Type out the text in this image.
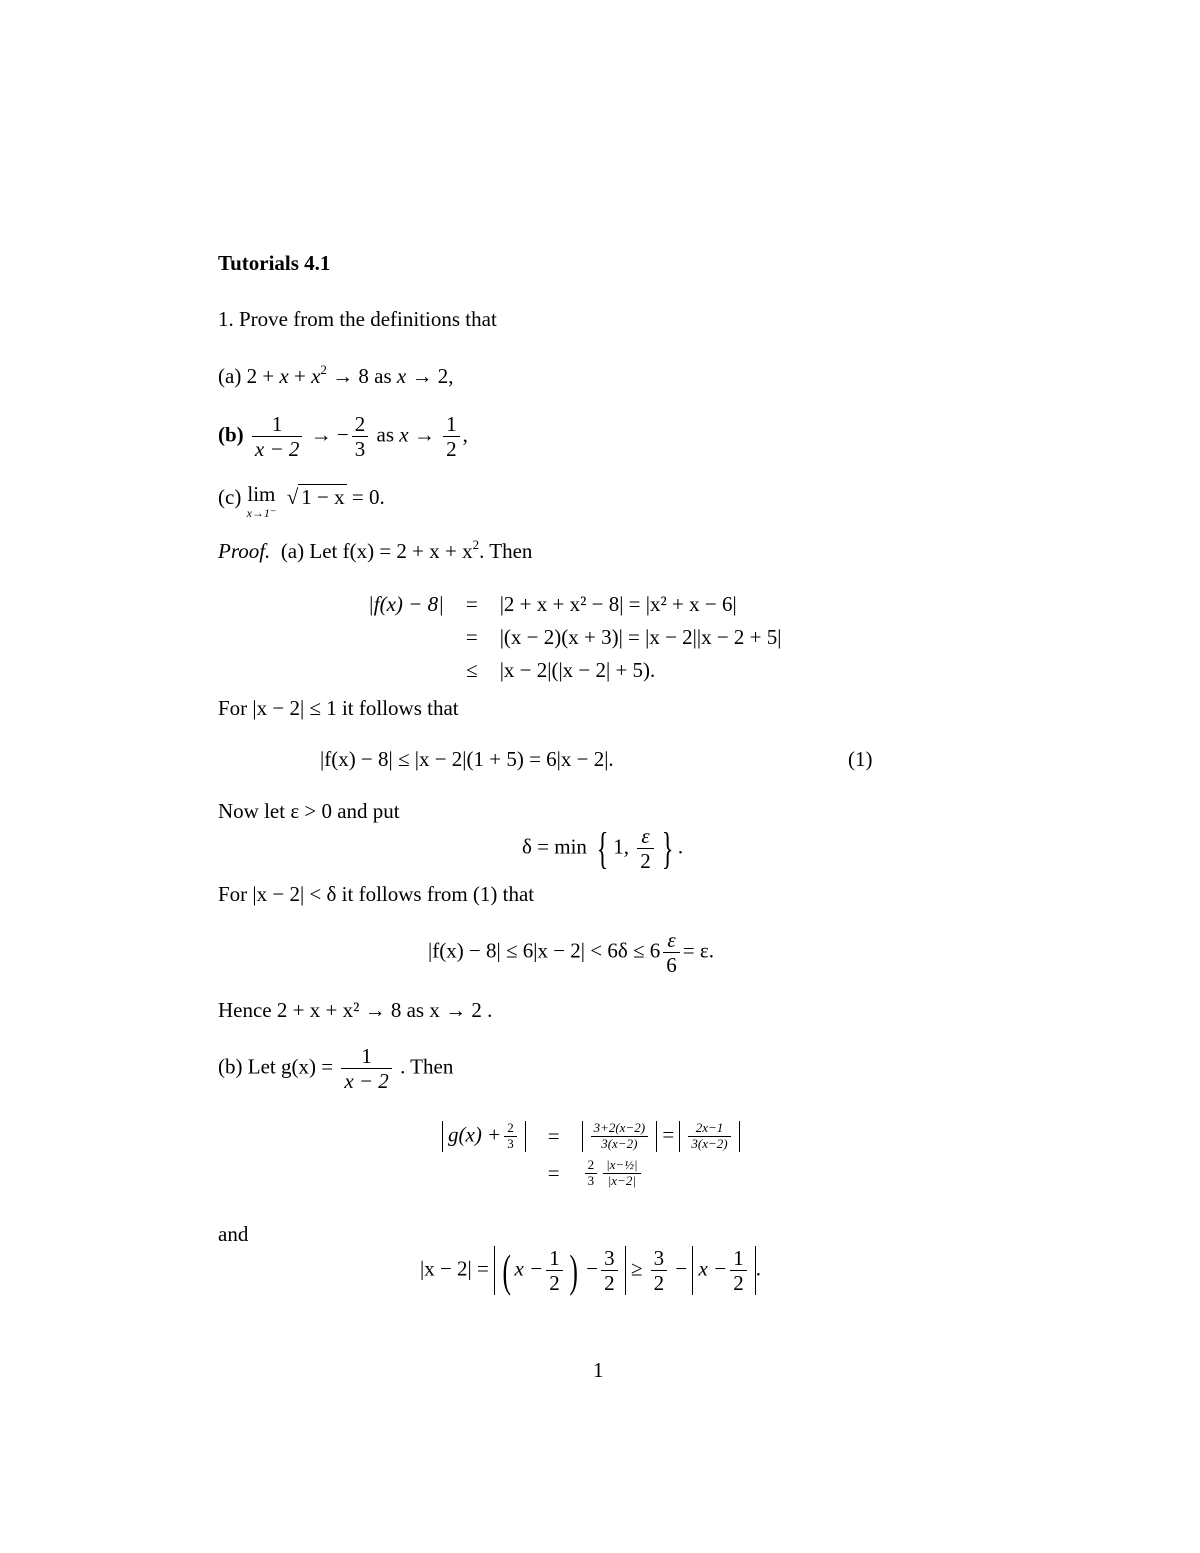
Tutorials 4.1
1. Prove from the definitions that
(a) $2 + x + x^2 \to 8$ as x → 2,
$(b) \frac{1}{x - 2}$ → − $\frac{2}{3}$ as $x \to \frac{1}{2}$ ,
(c) lim
x→1⁻
√ 1 − x = 0.
Proof. (a) Let $f(x) = 2 + x + x^2$. Then
|f(x) − 8|	=	|2 + x + x² − 8| = |x² + x − 6|
	=	|(x − 2)(x + 3)| = |x − 2||x − 2 + 5|
	≤	|x − 2|(|x − 2| + 5).
For |x − 2| ≤ 1 it follows that
|f(x) − 8| ≤ |x − 2|(1 + 5) = 6|x − 2|.	(1)
Now let ε > 0 and put
δ = min { 1, $\frac{\varepsilon}{2}$ } .
For |x − 2| < δ it follows from (1) that
$|f(x) - 8| \le 6|x - 2| < 6\delta \le 6 \frac{\varepsilon}{6} = \varepsilon$.
Hence 2 + x + x² → 8 as x → 2 .
(b) Let $g(x) = \frac{1}{x - 2}$ . Then
$g(x) + \frac{2}{3}$	=	$\frac{3+2(x-2)}{3(x-2)} = \frac{2x-1}{3(x-2)}$

	=	$\frac{2}{3} \frac{\text{|x−½|}}{|x-2|}$
and
|x − 2| = ( $x - \frac{1}{2}$ ) − $\frac{3}{2} \ge \frac{3}{2} - x - \frac{1}{2}$ .
1
